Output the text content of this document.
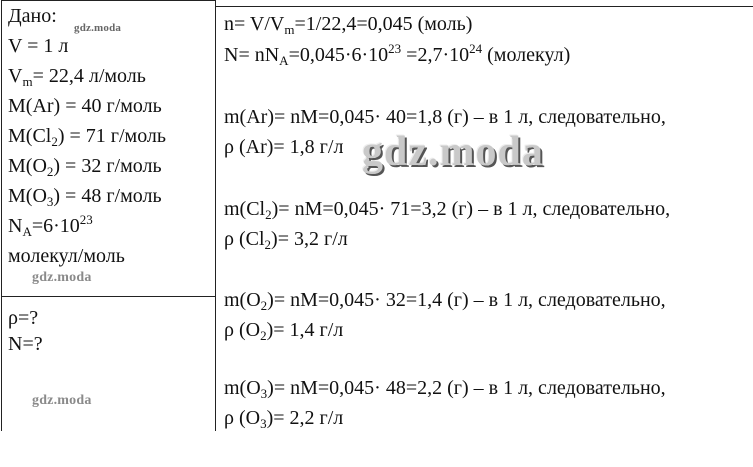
Дано:
V = 1 л
$V_m= 22,4$ л/моль
M(Ar) = 40 г/моль
$M(Cl_2) = 71$ г/моль
$M(O_2) = 32$ г/моль
$M(O_3) = 48$ г/моль
$N_A=6\cdot 10^{23}$
молекул/моль
ρ=?
N=?
$n= V/V_m=1/22,4=0,045$ (моль)
$N= nN_A=0,045\cdot 6\cdot 10^{23} =2,7\cdot 10^{24}$ (молекул)
m(Ar)= nM=0,045· 40=1,8 (г) – в 1 л, следовательно,
ρ (Ar)= 1,8 г/л
$m(Cl_2)= nM=0,045\cdot 71=3,2$ (г) – в 1 л, следовательно,
ρ $(Cl_2)= 3,2$ г/л
$m(O_2)= nM=0,045\cdot 32=1,4$ (г) – в 1 л, следовательно,
ρ $(O_2)= 1,4$ г/л
$m(O_3)= nM=0,045\cdot 48=2,2$ (г) – в 1 л, следовательно,
ρ $(O_3)= 2,2$ г/л
gdz.moda
gdz.moda
gdz.moda
gdz.moda
